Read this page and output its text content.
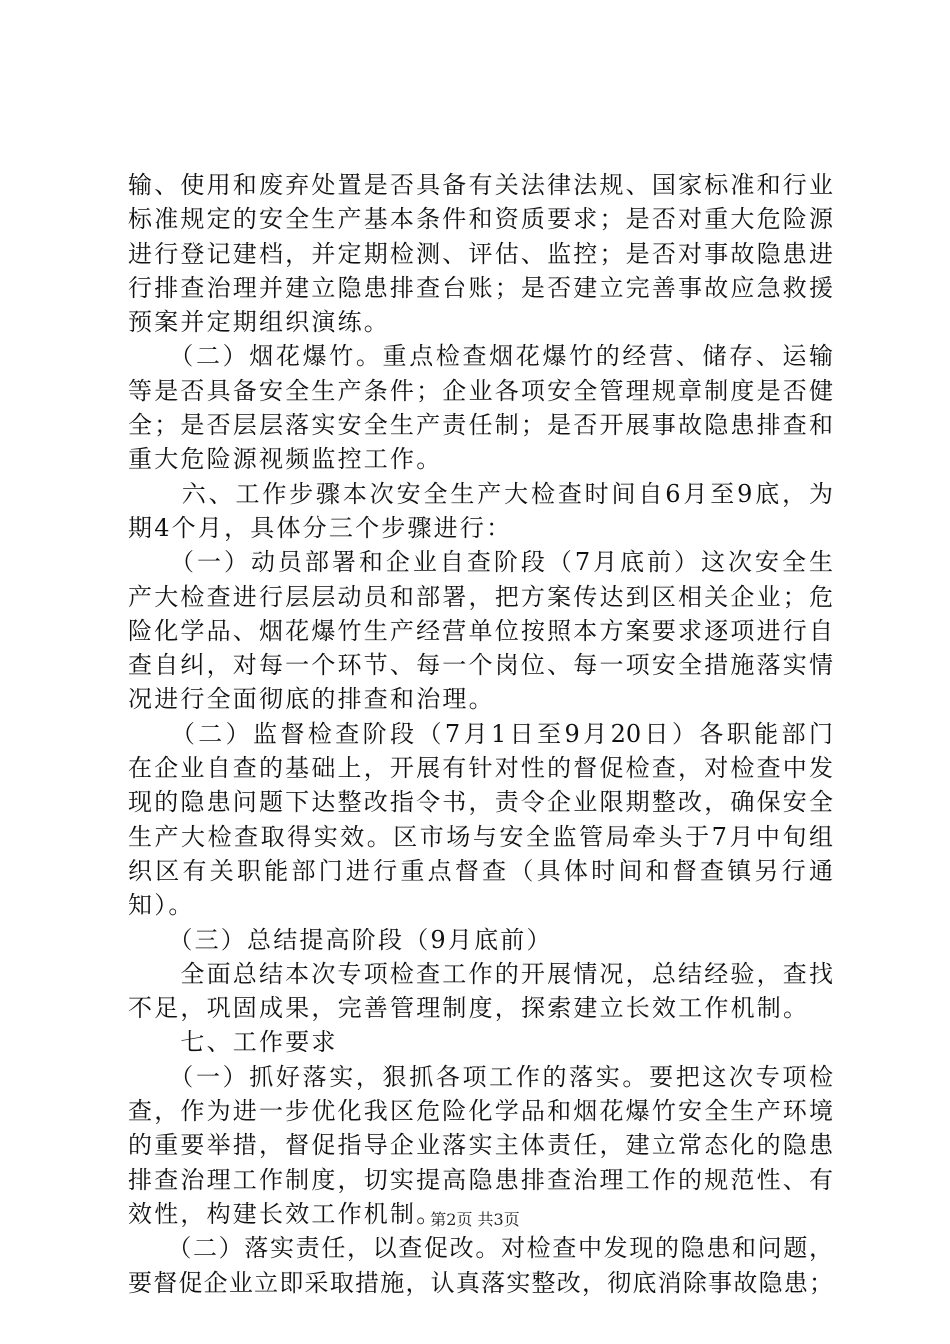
输、使用和废弃处置是否具备有关法律法规、国家标准和行业
标准规定的安全生产基本条件和资质要求；是否对重大危险源
进行登记建档，并定期检测、评估、监控；是否对事故隐患进
行排查治理并建立隐患排查台账；是否建立完善事故应急救援
预案并定期组织演练。
　　（二）烟花爆竹。重点检查烟花爆竹的经营、储存、运输
等是否具备安全生产条件；企业各项安全管理规章制度是否健
全；是否层层落实安全生产责任制；是否开展事故隐患排查和
重大危险源视频监控工作。
　　六、工作步骤本次安全生产大检查时间自6月至9底，为
期4个月，具体分三个步骤进行：
　　（一）动员部署和企业自查阶段（7月底前）这次安全生
产大检查进行层层动员和部署，把方案传达到区相关企业；危
险化学品、烟花爆竹生产经营单位按照本方案要求逐项进行自
查自纠，对每一个环节、每一个岗位、每一项安全措施落实情
况进行全面彻底的排查和治理。
　　（二）监督检查阶段（7月1日至9月20日）各职能部门
在企业自查的基础上，开展有针对性的督促检查，对检查中发
现的隐患问题下达整改指令书，责令企业限期整改，确保安全
生产大检查取得实效。区市场与安全监管局牵头于7月中旬组
织区有关职能部门进行重点督查（具体时间和督查镇另行通
知）。
　　（三）总结提高阶段（9月底前）
　　全面总结本次专项检查工作的开展情况，总结经验，查找
不足，巩固成果，完善管理制度，探索建立长效工作机制。
　　七、工作要求
　　（一）抓好落实，狠抓各项工作的落实。要把这次专项检
查，作为进一步优化我区危险化学品和烟花爆竹安全生产环境
的重要举措，督促指导企业落实主体责任，建立常态化的隐患
排查治理工作制度，切实提高隐患排查治理工作的规范性、有
效性，构建长效工作机制。
　　（二）落实责任，以查促改。对检查中发现的隐患和问题，
要督促企业立即采取措施，认真落实整改，彻底消除事故隐患；
第2页 共3页
